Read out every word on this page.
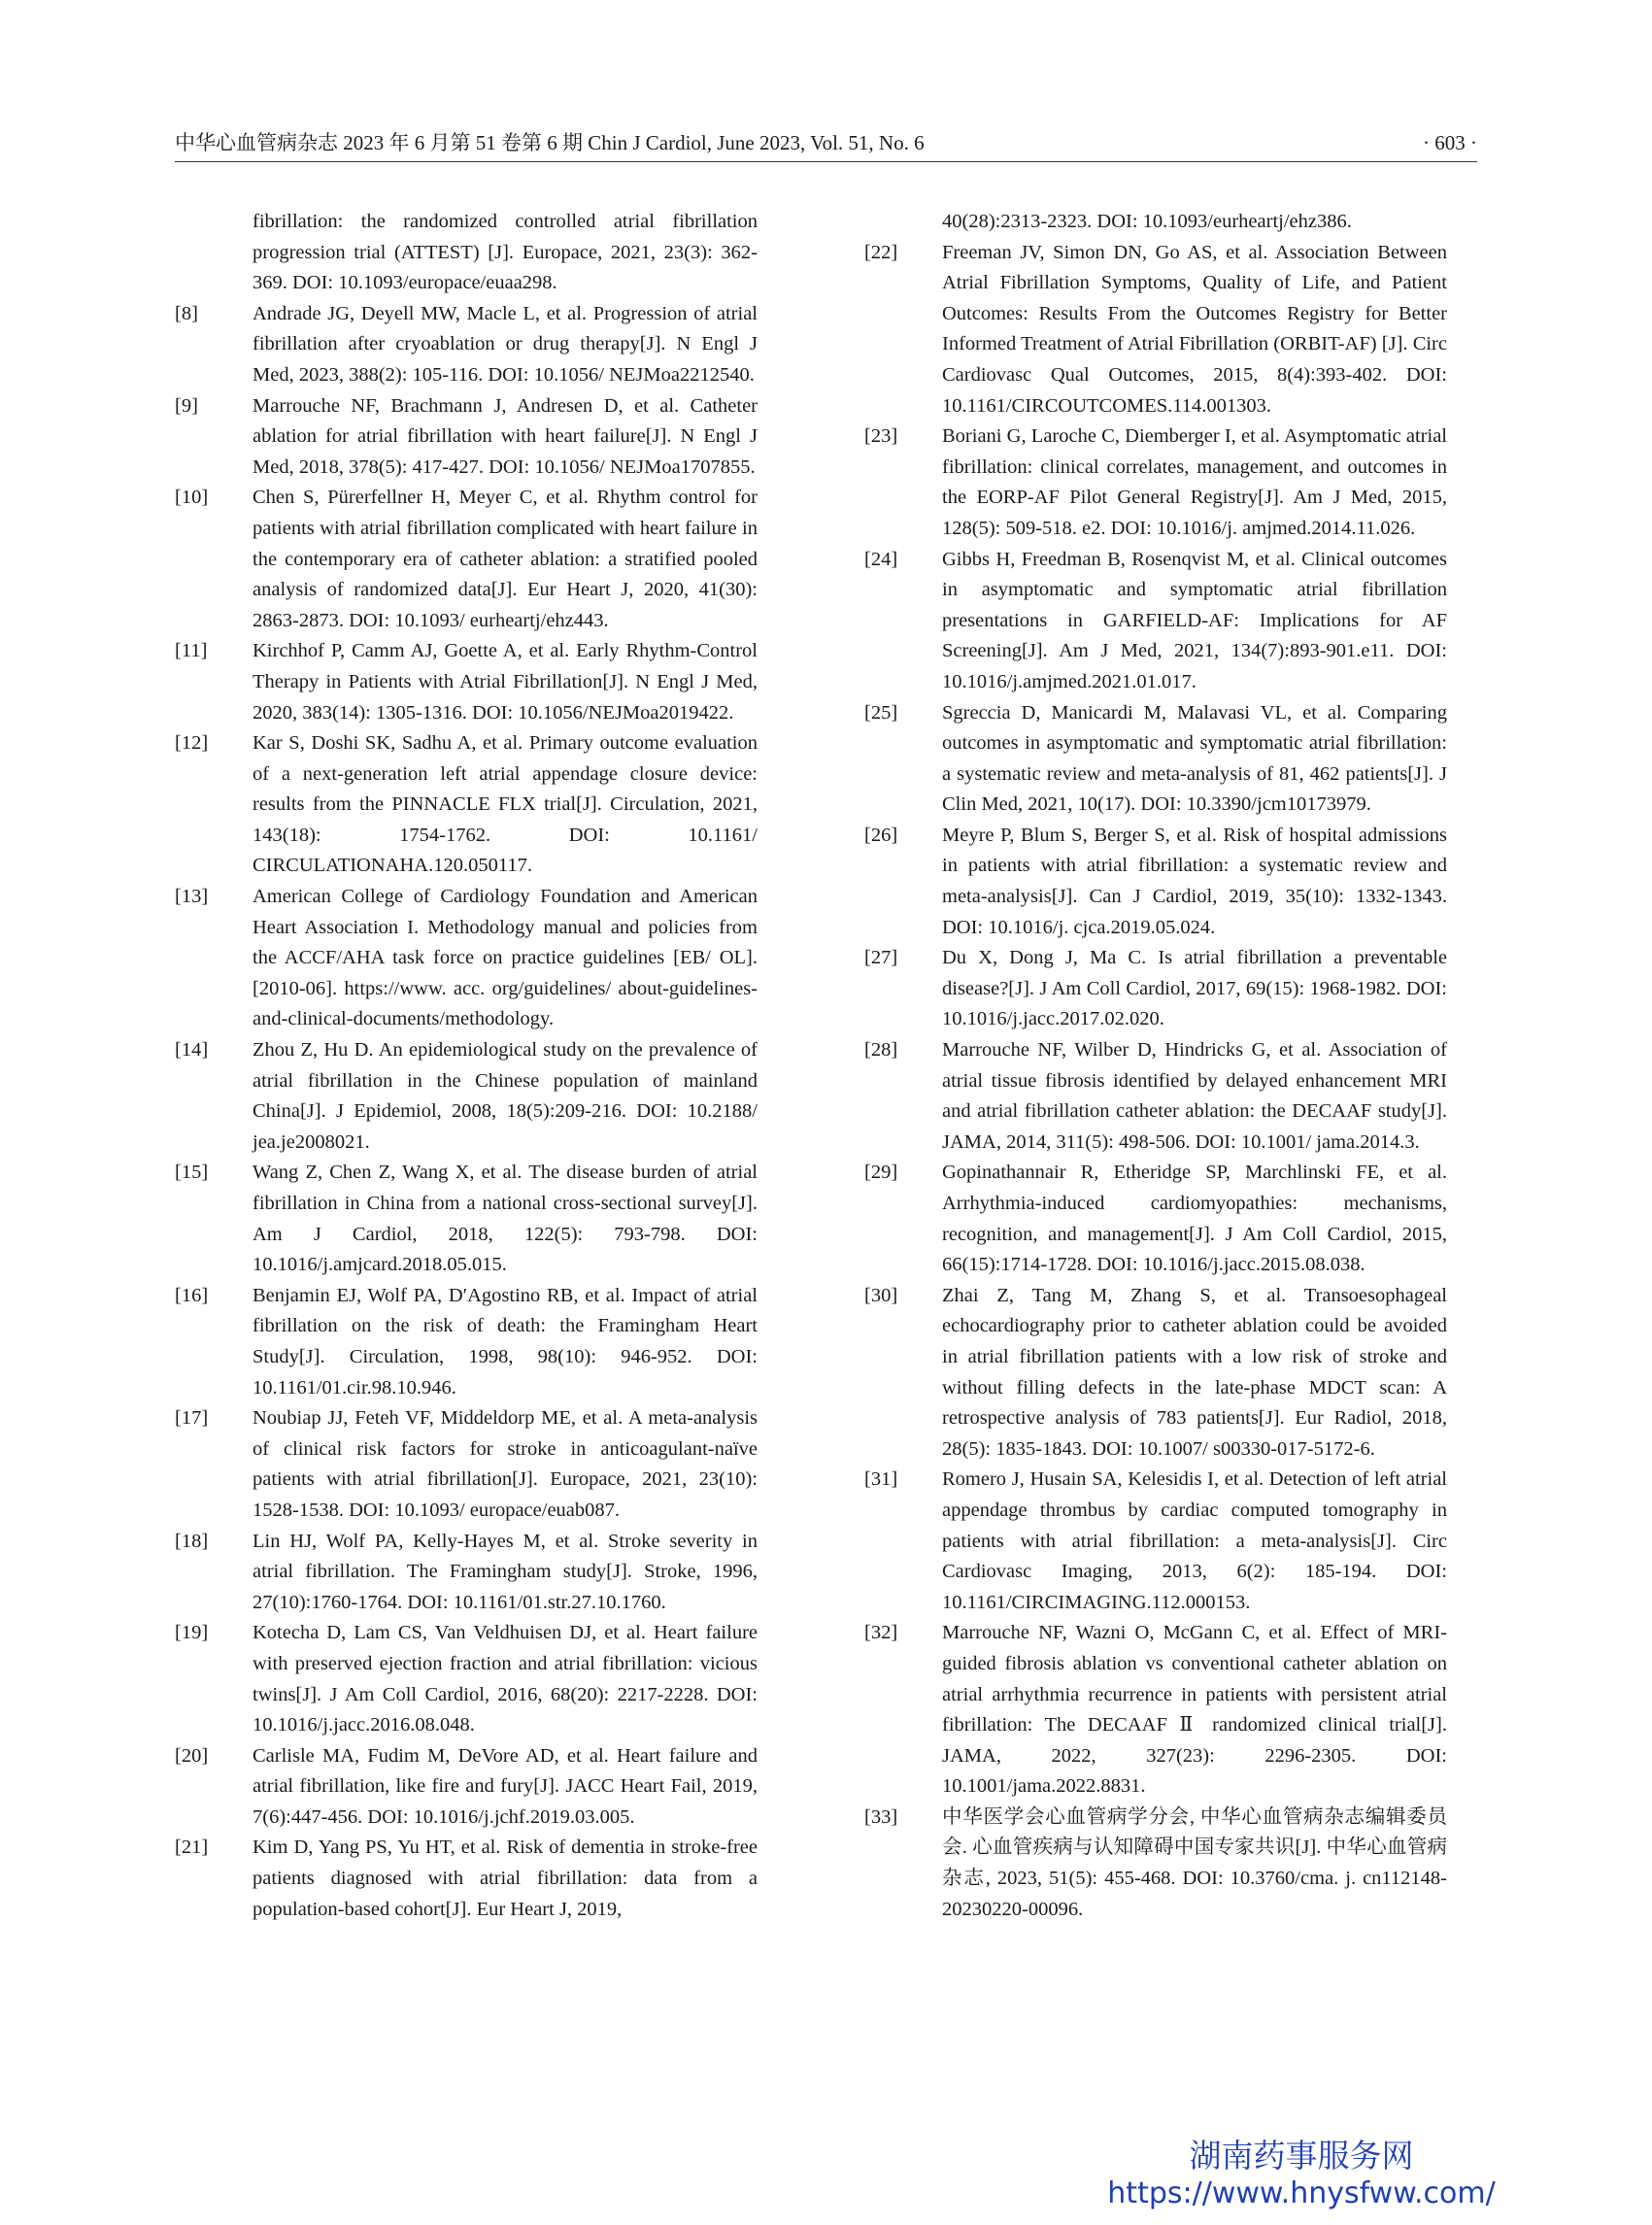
中华心血管病杂志 2023 年 6 月第 51 卷第 6 期 Chin J Cardiol, June 2023, Vol. 51, No. 6	· 603 ·
fibrillation: the randomized controlled atrial fibrillation progression trial (ATTEST) [J]. Europace, 2021, 23(3): 362-369. DOI: 10.1093/europace/euaa298.
[8]	Andrade JG, Deyell MW, Macle L, et al. Progression of atrial fibrillation after cryoablation or drug therapy[J]. N Engl J Med, 2023, 388(2): 105-116. DOI: 10.1056/ NEJMoa2212540.
[9]	Marrouche NF, Brachmann J, Andresen D, et al. Catheter ablation for atrial fibrillation with heart failure[J]. N Engl J Med, 2018, 378(5): 417-427. DOI: 10.1056/ NEJMoa1707855.
[10]	Chen S, Pürerfellner H, Meyer C, et al. Rhythm control for patients with atrial fibrillation complicated with heart failure in the contemporary era of catheter ablation: a stratified pooled analysis of randomized data[J]. Eur Heart J, 2020, 41(30): 2863-2873. DOI: 10.1093/ eurheartj/ehz443.
[11]	Kirchhof P, Camm AJ, Goette A, et al. Early Rhythm-Control Therapy in Patients with Atrial Fibrillation[J]. N Engl J Med, 2020, 383(14): 1305-1316. DOI: 10.1056/NEJMoa2019422.
[12]	Kar S, Doshi SK, Sadhu A, et al. Primary outcome evaluation of a next-generation left atrial appendage closure device: results from the PINNACLE FLX trial[J]. Circulation, 2021, 143(18): 1754-1762. DOI: 10.1161/ CIRCULATIONAHA.120.050117.
[13]	American College of Cardiology Foundation and American Heart Association I. Methodology manual and policies from the ACCF/AHA task force on practice guidelines [EB/ OL]. [2010-06]. https://www. acc. org/guidelines/ about-guidelines-and-clinical-documents/methodology.
[14]	Zhou Z, Hu D. An epidemiological study on the prevalence of atrial fibrillation in the Chinese population of mainland China[J]. J Epidemiol, 2008, 18(5):209-216. DOI: 10.2188/ jea.je2008021.
[15]	Wang Z, Chen Z, Wang X, et al. The disease burden of atrial fibrillation in China from a national cross-sectional survey[J]. Am J Cardiol, 2018, 122(5): 793-798. DOI: 10.1016/j.amjcard.2018.05.015.
[16]	Benjamin EJ, Wolf PA, D′Agostino RB, et al. Impact of atrial fibrillation on the risk of death: the Framingham Heart Study[J]. Circulation, 1998, 98(10): 946-952. DOI: 10.1161/01.cir.98.10.946.
[17]	Noubiap JJ, Feteh VF, Middeldorp ME, et al. A meta-analysis of clinical risk factors for stroke in anticoagulant-naïve patients with atrial fibrillation[J]. Europace, 2021, 23(10): 1528-1538. DOI: 10.1093/ europace/euab087.
[18]	Lin HJ, Wolf PA, Kelly-Hayes M, et al. Stroke severity in atrial fibrillation. The Framingham study[J]. Stroke, 1996, 27(10):1760-1764. DOI: 10.1161/01.str.27.10.1760.
[19]	Kotecha D, Lam CS, Van Veldhuisen DJ, et al. Heart failure with preserved ejection fraction and atrial fibrillation: vicious twins[J]. J Am Coll Cardiol, 2016, 68(20): 2217-2228. DOI: 10.1016/j.jacc.2016.08.048.
[20]	Carlisle MA, Fudim M, DeVore AD, et al. Heart failure and atrial fibrillation, like fire and fury[J]. JACC Heart Fail, 2019, 7(6):447-456. DOI: 10.1016/j.jchf.2019.03.005.
[21]	Kim D, Yang PS, Yu HT, et al. Risk of dementia in stroke-free patients diagnosed with atrial fibrillation: data from a population-based cohort[J]. Eur Heart J, 2019,
40(28):2313-2323. DOI: 10.1093/eurheartj/ehz386.
[22]	Freeman JV, Simon DN, Go AS, et al. Association Between Atrial Fibrillation Symptoms, Quality of Life, and Patient Outcomes: Results From the Outcomes Registry for Better Informed Treatment of Atrial Fibrillation (ORBIT-AF) [J]. Circ Cardiovasc Qual Outcomes, 2015, 8(4):393-402. DOI: 10.1161/CIRCOUTCOMES.114.001303.
[23]	Boriani G, Laroche C, Diemberger I, et al. Asymptomatic atrial fibrillation: clinical correlates, management, and outcomes in the EORP-AF Pilot General Registry[J]. Am J Med, 2015, 128(5): 509-518. e2. DOI: 10.1016/j. amjmed.2014.11.026.
[24]	Gibbs H, Freedman B, Rosenqvist M, et al. Clinical outcomes in asymptomatic and symptomatic atrial fibrillation presentations in GARFIELD-AF: Implications for AF Screening[J]. Am J Med, 2021, 134(7):893-901.e11. DOI: 10.1016/j.amjmed.2021.01.017.
[25]	Sgreccia D, Manicardi M, Malavasi VL, et al. Comparing outcomes in asymptomatic and symptomatic atrial fibrillation: a systematic review and meta-analysis of 81, 462 patients[J]. J Clin Med, 2021, 10(17). DOI: 10.3390/jcm10173979.
[26]	Meyre P, Blum S, Berger S, et al. Risk of hospital admissions in patients with atrial fibrillation: a systematic review and meta-analysis[J]. Can J Cardiol, 2019, 35(10): 1332-1343. DOI: 10.1016/j. cjca.2019.05.024.
[27]	Du X, Dong J, Ma C. Is atrial fibrillation a preventable disease?[J]. J Am Coll Cardiol, 2017, 69(15): 1968-1982. DOI: 10.1016/j.jacc.2017.02.020.
[28]	Marrouche NF, Wilber D, Hindricks G, et al. Association of atrial tissue fibrosis identified by delayed enhancement MRI and atrial fibrillation catheter ablation: the DECAAF study[J]. JAMA, 2014, 311(5): 498-506. DOI: 10.1001/ jama.2014.3.
[29]	Gopinathannair R, Etheridge SP, Marchlinski FE, et al. Arrhythmia-induced cardiomyopathies: mechanisms, recognition, and management[J]. J Am Coll Cardiol, 2015, 66(15):1714-1728. DOI: 10.1016/j.jacc.2015.08.038.
[30]	Zhai Z, Tang M, Zhang S, et al. Transoesophageal echocardiography prior to catheter ablation could be avoided in atrial fibrillation patients with a low risk of stroke and without filling defects in the late-phase MDCT scan: A retrospective analysis of 783 patients[J]. Eur Radiol, 2018, 28(5): 1835-1843. DOI: 10.1007/ s00330-017-5172-6.
[31]	Romero J, Husain SA, Kelesidis I, et al. Detection of left atrial appendage thrombus by cardiac computed tomography in patients with atrial fibrillation: a meta-analysis[J]. Circ Cardiovasc Imaging, 2013, 6(2): 185-194. DOI: 10.1161/CIRCIMAGING.112.000153.
[32]	Marrouche NF, Wazni O, McGann C, et al. Effect of MRI-guided fibrosis ablation vs conventional catheter ablation on atrial arrhythmia recurrence in patients with persistent atrial fibrillation: The DECAAF Ⅱ randomized clinical trial[J]. JAMA, 2022, 327(23): 2296-2305. DOI: 10.1001/jama.2022.8831.
[33]	中华医学会心血管病学分会, 中华心血管病杂志编辑委员会. 心血管疾病与认知障碍中国专家共识[J]. 中华心血管病杂志, 2023, 51(5): 455-468. DOI: 10.3760/cma. j. cn112148-20230220-00096.
湖南药事服务网
https://www.hnysfww.com/
